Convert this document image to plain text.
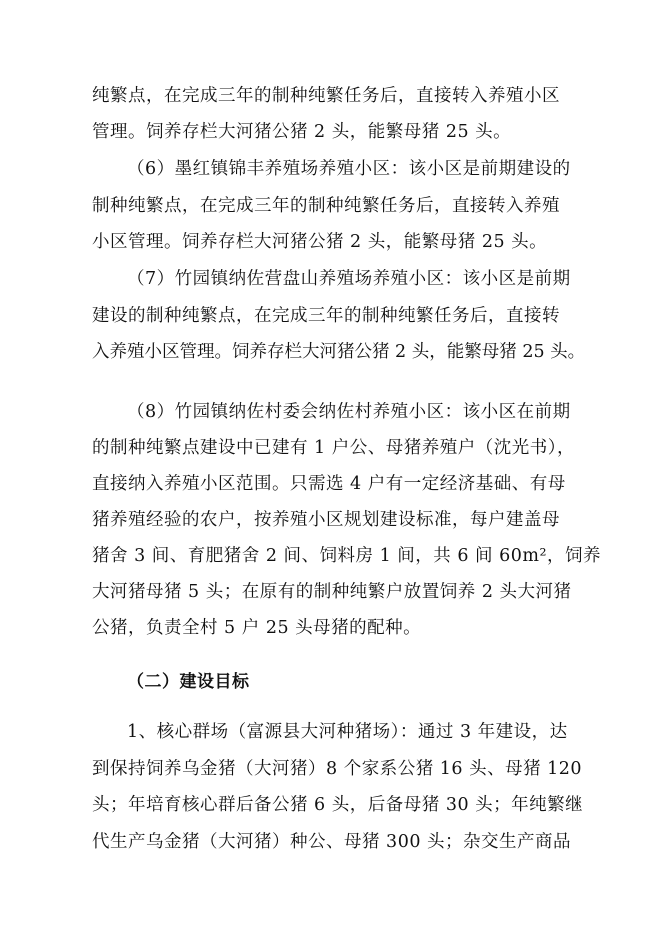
纯繁点，在完成三年的制种纯繁任务后，直接转入养殖小区
管理。饲养存栏大河猪公猪 2 头，能繁母猪 25 头。
（6）墨红镇锦丰养殖场养殖小区：该小区是前期建设的
制种纯繁点，在完成三年的制种纯繁任务后，直接转入养殖
小区管理。饲养存栏大河猪公猪 2 头，能繁母猪 25 头。
（7）竹园镇纳佐营盘山养殖场养殖小区：该小区是前期
建设的制种纯繁点，在完成三年的制种纯繁任务后，直接转
入养殖小区管理。饲养存栏大河猪公猪 2 头，能繁母猪 25 头。
（8）竹园镇纳佐村委会纳佐村养殖小区：该小区在前期
的制种纯繁点建设中已建有 1 户公、母猪养殖户（沈光书），
直接纳入养殖小区范围。只需选 4 户有一定经济基础、有母
猪养殖经验的农户，按养殖小区规划建设标准，每户建盖母
猪舍 3 间、育肥猪舍 2 间、饲料房 1 间，共 6 间 60m²，饲养
大河猪母猪 5 头；在原有的制种纯繁户放置饲养 2 头大河猪
公猪，负责全村 5 户 25 头母猪的配种。
（二）建设目标
1、核心群场（富源县大河种猪场）：通过 3 年建设，达
到保持饲养乌金猪（大河猪）8 个家系公猪 16 头、母猪 120
头；年培育核心群后备公猪 6 头，后备母猪 30 头；年纯繁继
代生产乌金猪（大河猪）种公、母猪 300 头；杂交生产商品
